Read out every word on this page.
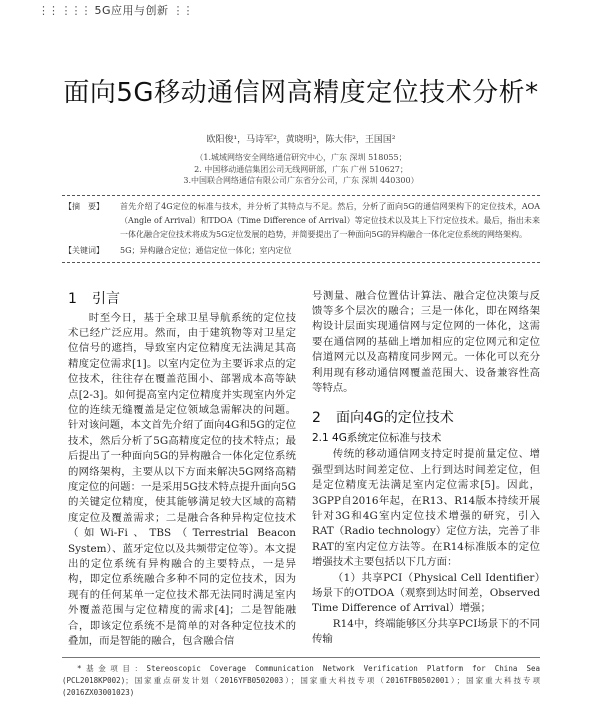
⋮⋮ ⋮⋮⋮ 5G应用与创新 ⋮⋮
面向5G移动通信网高精度定位技术分析*
欧阳俊¹，马诗军²，黄晓明³，陈大伟²，王国国²
（1.城域网络安全网络通信研究中心，广东 深圳 518055；
2. 中国移动通信集团公司无线网研部，广东 广州 510627；
3.中国联合网络通信有限公司广东省分公司，广东 深圳 440300）
【摘　要】	首先介绍了4G定位的标准与技术，并分析了其特点与不足。然后，分析了面向5G的通信网架构下的定位技术，AOA（Angle of Arrival）和TDOA（Time Difference of Arrival）等定位技术以及其上下行定位技术。最后，指出未来一体化融合定位技术将成为5G定位发展的趋势，并简要提出了一种面向5G的异构融合一体化定位系统的网络架构。
【关键词】	5G；异构融合定位；通信定位一体化；室内定位
1 引言

时至今日，基于全球卫星导航系统的定位技术已经广泛应用。然而，由于建筑物等对卫星定位信号的遮挡，导致室内定位精度无法满足其高精度定位需求[1]。以室内定位为主要诉求点的定位技术，往往存在覆盖范围小、部署成本高等缺点[2-3]。如何提高室内定位精度并实现室内外定位的连续无缝覆盖是定位领域急需解决的问题。针对该问题，本文首先介绍了面向4G和5G的定位技术，然后分析了5G高精度定位的技术特点；最后提出了一种面向5G的异构融合一体化定位系统的网络架构，主要从以下方面来解决5G网络高精度定位的问题：一是采用5G技术特点提升面向5G的关键定位精度，使其能够满足较大区域的高精度定位及覆盖需求；二是融合各种异构定位技术（如Wi-Fi、TBS（Terrestrial Beacon System）、蓝牙定位以及共频带定位等）。本文提出的定位系统有异构融合的主要特点，一是异构，即定位系统融合多种不同的定位技术，因为现有的任何某单一定位技术都无法同时满足室内外覆盖范围与定位精度的需求[4]；二是智能融合，即该定位系统不是简单的对各种定位技术的叠加，而是智能的融合，包含融合信

号测量、融合位置估计算法、融合定位决策与反馈等多个层次的融合；三是一体化，即在网络架构设计层面实现通信网与定位网的一体化，这需要在通信网的基础上增加相应的定位网元和定位信道网元以及高精度同步网元。一体化可以充分利用现有移动通信网覆盖范围大、设备兼容性高等特点。

2 面向4G的定位技术
2.1 4G系统定位标准与技术

传统的移动通信网支持定时提前量定位、增强型到达时间差定位、上行到达时间差定位，但是定位精度无法满足室内定位需求[5]。因此，3GPP自2016年起，在R13、R14版本持续开展针对3G和4G室内定位技术增强的研究，引入RAT（Radio technology）定位方法，完善了非RAT的室内定位方法等。在R14标准版本的定位增强技术主要包括以下几方面：

（1）共享PCI（Physical Cell Identifier）场景下的OTDOA（观察到达时间差，Observed Time Difference of Arrival）增强；

R14中，终端能够区分共享PCI场景下的不同传输

*基金项目：Stereoscopic Coverage Communication Network Verification Platform for China Sea (PCL2018KP002)；国家重点研发计划（2016YFB0502003）；国家重大科技专项（2016TFB0502001）；国家重大科技专项(2016ZX03001023)
